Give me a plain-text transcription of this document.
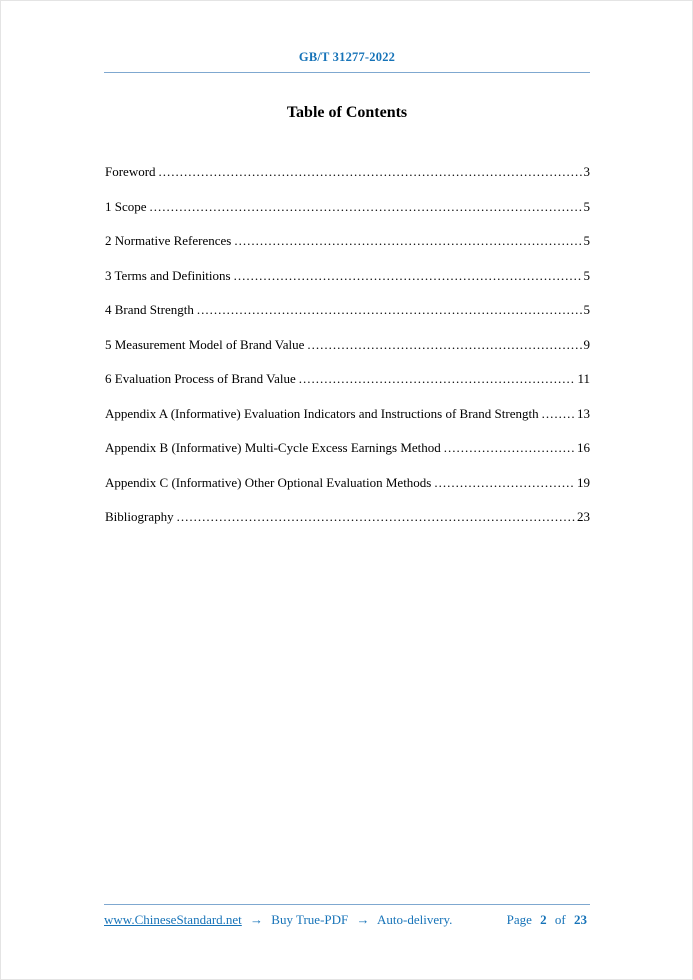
GB/T 31277-2022
Table of Contents
Foreword .....	3
1 Scope .....	5
2 Normative References .....	5
3 Terms and Definitions .....	5
4 Brand Strength .....	5
5 Measurement Model of Brand Value .....	9
6 Evaluation Process of Brand Value .....	11
Appendix A (Informative) Evaluation Indicators and Instructions of Brand Strength .....	13
Appendix B (Informative) Multi-Cycle Excess Earnings Method .....	16
Appendix C (Informative) Other Optional Evaluation Methods .....	19
Bibliography .....	23
www.ChineseStandard.net → Buy True-PDF → Auto-delivery.	Page 2 of 23
